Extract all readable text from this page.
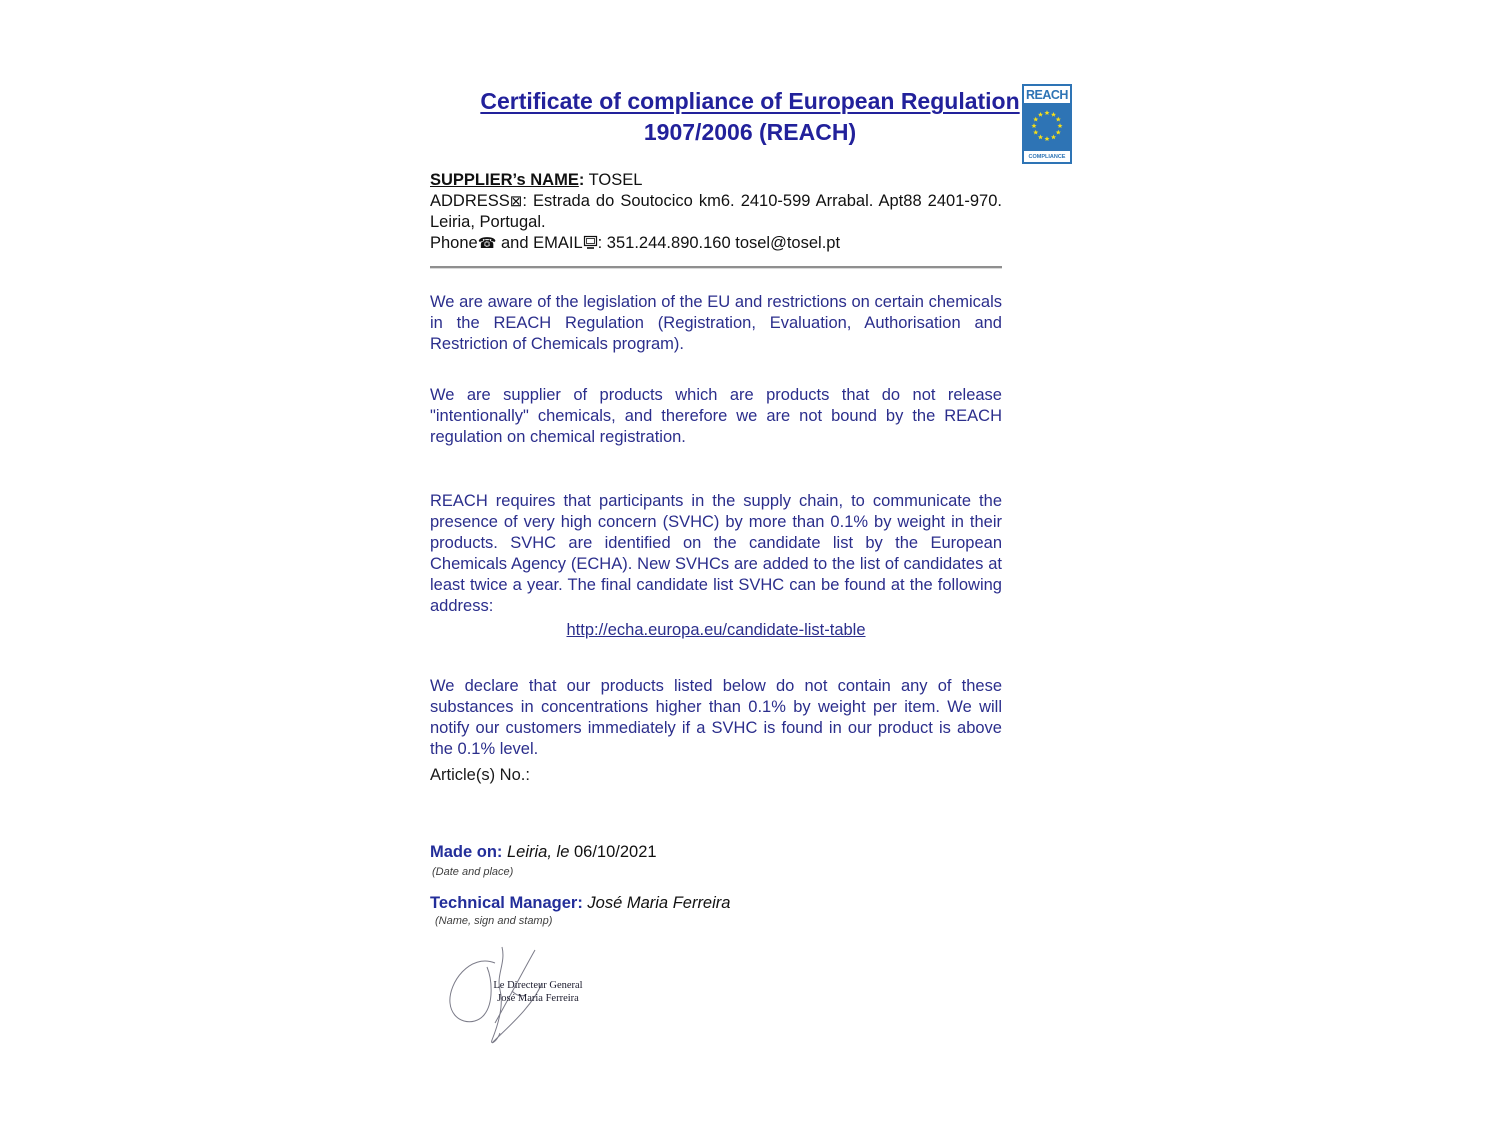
Certificate of compliance of European Regulation
1907/2006 (REACH)
REACH
COMPLIANCE
SUPPLIER’s NAME: TOSEL
ADDRESS⊠: Estrada do Soutocico km6. 2410-599 Arrabal. Apt88 2401-970. Leiria, Portugal.
Phone☎ and EMAIL : 351.244.890.160 tosel@tosel.pt
We are aware of the legislation of the EU and restrictions on certain chemicals in the REACH Regulation (Registration, Evaluation, Authorisation and Restriction of Chemicals program).
We are supplier of products which are products that do not release "intentionally" chemicals, and therefore we are not bound by the REACH regulation on chemical registration.
REACH requires that participants in the supply chain, to communicate the presence of very high concern (SVHC) by more than 0.1% by weight in their products. SVHC are identified on the candidate list by the European Chemicals Agency (ECHA). New SVHCs are added to the list of candidates at least twice a year. The final candidate list SVHC can be found at the following address:
http://echa.europa.eu/candidate-list-table
We declare that our products listed below do not contain any of these substances in concentrations higher than 0.1% by weight per item. We will notify our customers immediately if a SVHC is found in our product is above the 0.1% level.
Article(s) No.:
Made on: Leiria, le 06/10/2021
(Date and place)
Technical Manager: José Maria Ferreira
(Name, sign and stamp)
Le Directeur General
José Maria Ferreira
